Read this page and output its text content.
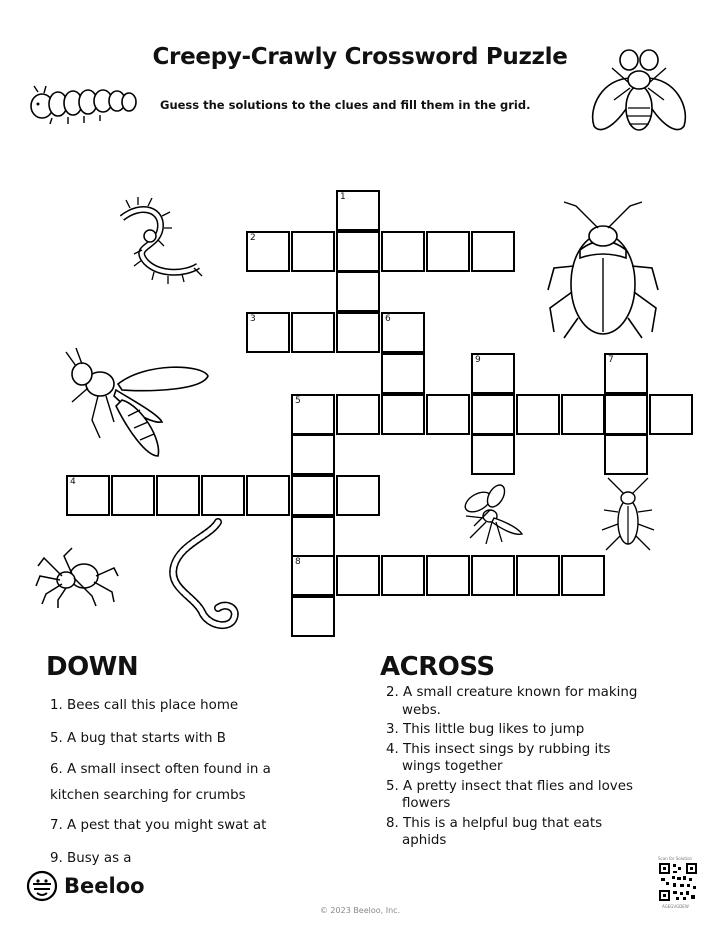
Creepy-Crawly Crossword Puzzle
Guess the solutions to the clues and fill them in the grid.
1
2
3	6
9	7
5
4
8
DOWN
1. Bees call this place home
5. A bug that starts with B
6. A small insect often found in a kitchen searching for crumbs
7. A pest that you might swat at
9. Busy as a
ACROSS
2. A small creature known for making webs.
3. This little bug likes to jump
4. This insect sings by rubbing its wings together
5. A pretty insect that flies and loves flowers
8. This is a helpful bug that eats aphids
Beeloo
© 2023 Beeloo, Inc.
Scan for Solution
AGEGVGDEW
